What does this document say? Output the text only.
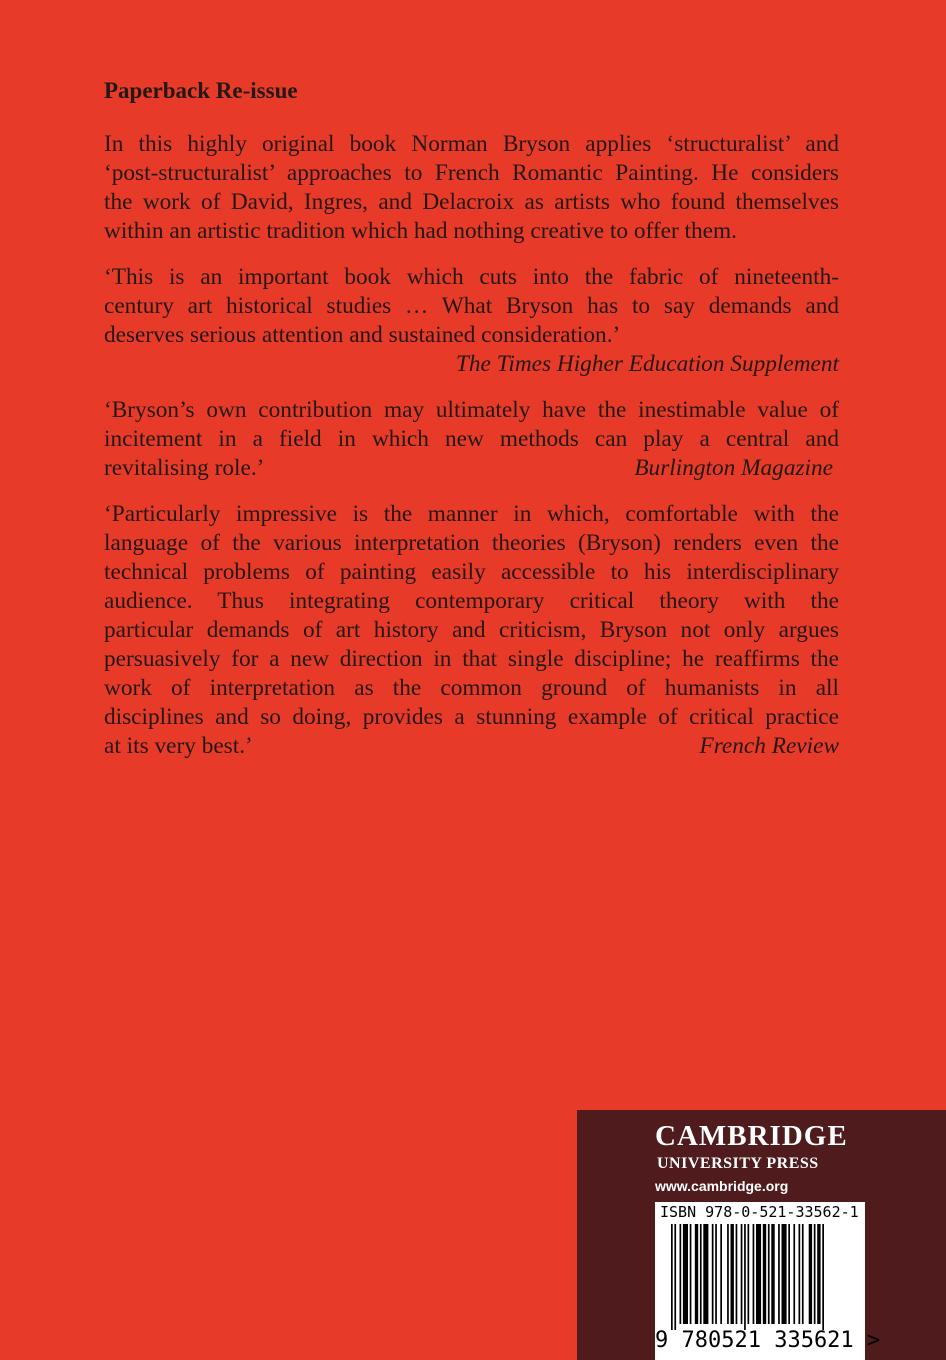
Paperback Re-issue

In this highly original book Norman Bryson applies ‘structuralist’ and

‘post-structuralist’ approaches to French Romantic Painting. He considers

the work of David, Ingres, and Delacroix as artists who found themselves

within an artistic tradition which had nothing creative to offer them.

‘This is an important book which cuts into the fabric of nineteenth-

century art historical studies … What Bryson has to say demands and

deserves serious attention and sustained consideration.’

The Times Higher Education Supplement

‘Bryson’s own contribution may ultimately have the inestimable value of

incitement in a field in which new methods can play a central and

revitalising role.’	Burlington Magazine

‘Particularly impressive is the manner in which, comfortable with the

language of the various interpretation theories (Bryson) renders even the

technical problems of painting easily accessible to his interdisciplinary

audience. Thus integrating contemporary critical theory with the

particular demands of art history and criticism, Bryson not only argues

persuasively for a new direction in that single discipline; he reaffirms the

work of interpretation as the common ground of humanists in all

disciplines and so doing, provides a stunning example of critical practice

at its very best.’	French Review

CAMBRIDGE
UNIVERSITY PRESS
www.cambridge.org
ISBN 978-0-521-33562-1
9 780521 335621 >
